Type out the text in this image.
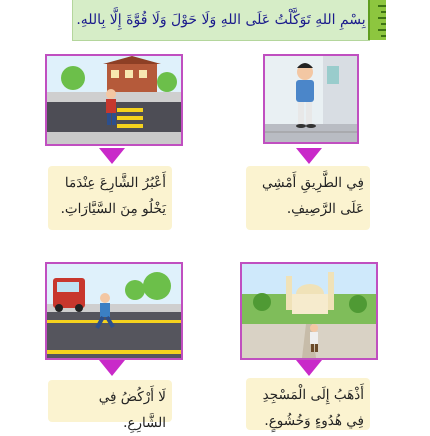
بِسْمِ اللهِ تَوَكَّلْتُ عَلَى اللهِ وَلَا حَوْلَ وَلَا قُوَّةَ إِلَّا بِاللهِ.
فِي الطَّرِيقِ أَمْشِي عَلَى الرَّصِيفِ.
أَعْبُرُ الشَّارِعَ عِنْدَمَا يَخْلُو مِنَ السَّيَّارَاتِ.
أَذْهَبُ إِلَى الْمَسْجِدِ فِي هُدُوءٍ وَخُشُوعٍ.
لَا أَرْكُضُ فِي الشَّارِعِ.
